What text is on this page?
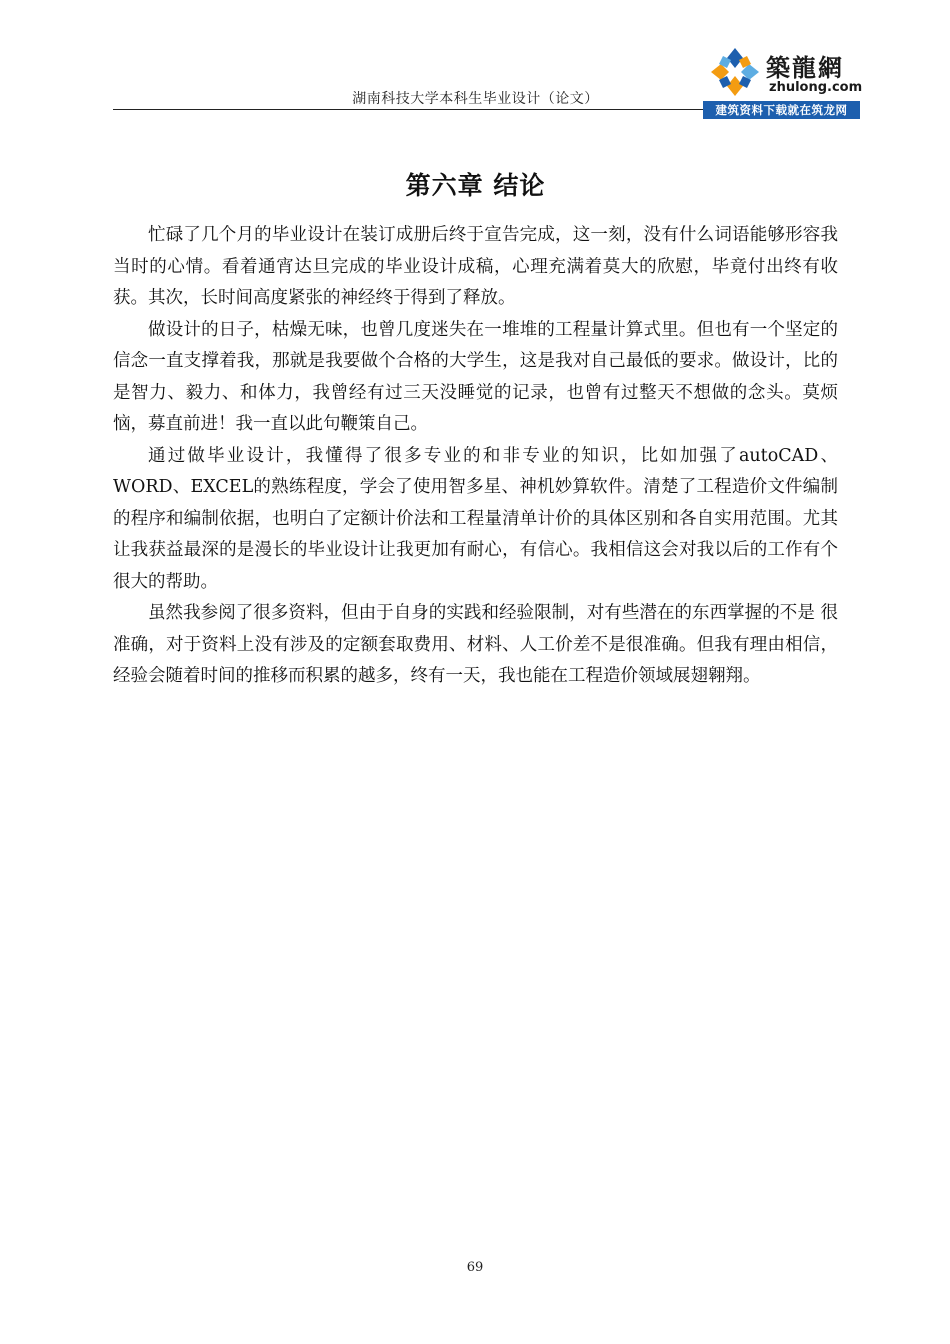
湖南科技大学本科生毕业设计（论文）
築龍網
zhulong.com
建筑资料下载就在筑龙网
第六章 结论

忙碌了几个月的毕业设计在装订成册后终于宣告完成，这一刻，没有什么词语能够形容我当时的心情。看着通宵达旦完成的毕业设计成稿，心理充满着莫大的欣慰，毕竟付出终有收获。其次，长时间高度紧张的神经终于得到了释放。

做设计的日子，枯燥无味，也曾几度迷失在一堆堆的工程量计算式里。但也有一个坚定的信念一直支撑着我，那就是我要做个合格的大学生，这是我对自己最低的要求。做设计，比的是智力、毅力、和体力，我曾经有过三天没睡觉的记录，也曾有过整天不想做的念头。莫烦恼，募直前进！我一直以此句鞭策自己。

通过做毕业设计，我懂得了很多专业的和非专业的知识，比如加强了autoCAD、WORD、EXCEL的熟练程度，学会了使用智多星、神机妙算软件。清楚了工程造价文件编制的程序和编制依据，也明白了定额计价法和工程量清单计价的具体区别和各自实用范围。尤其让我获益最深的是漫长的毕业设计让我更加有耐心，有信心。我相信这会对我以后的工作有个很大的帮助。

虽然我参阅了很多资料，但由于自身的实践和经验限制，对有些潜在的东西掌握的不是 很准确，对于资料上没有涉及的定额套取费用、材料、人工价差不是很准确。但我有理由相信，经验会随着时间的推移而积累的越多，终有一天，我也能在工程造价领域展翅翱翔。

69
